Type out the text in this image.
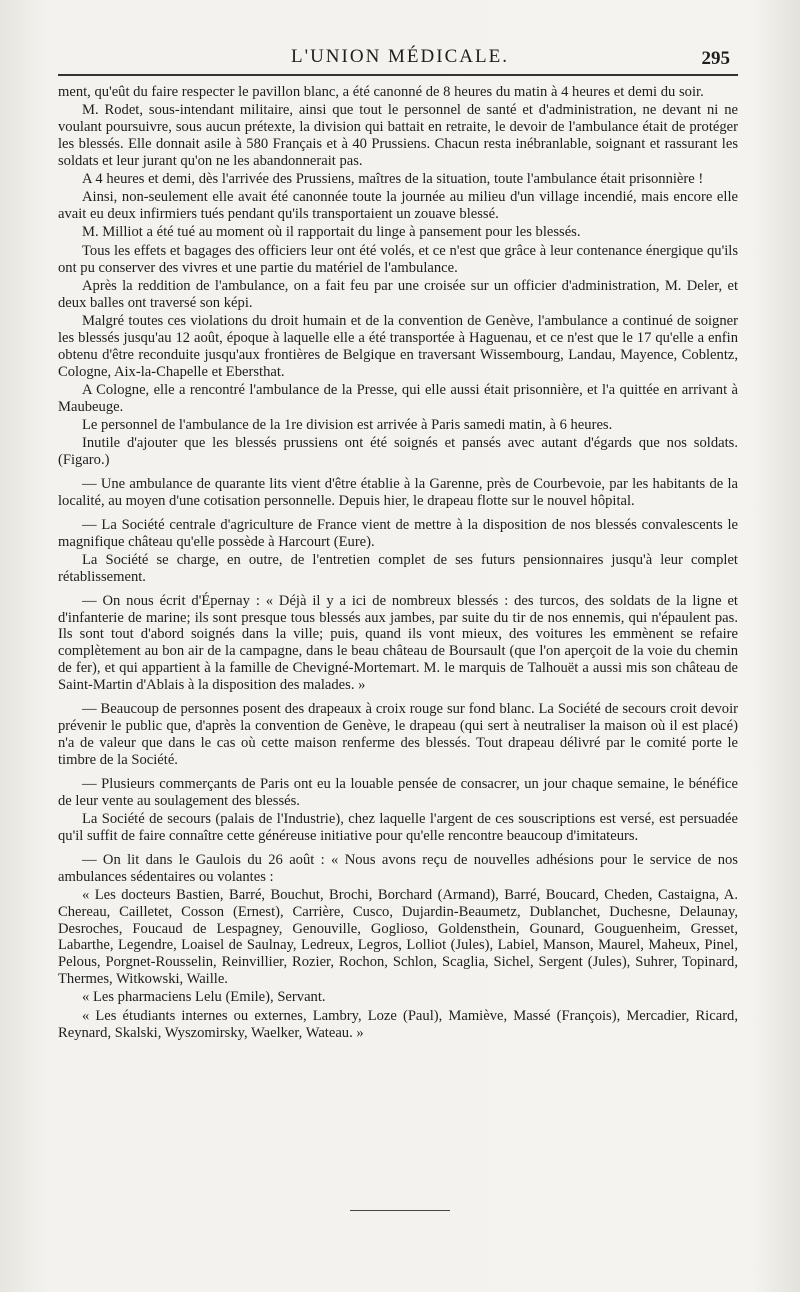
L'UNION MÉDICALE.	295

ment, qu'eût du faire respecter le pavillon blanc, a été canonné de 8 heures du matin à 4 heures et demi du soir.

M. Rodet, sous-intendant militaire, ainsi que tout le personnel de santé et d'administration, ne devant ni ne voulant poursuivre, sous aucun prétexte, la division qui battait en retraite, le devoir de l'ambulance était de protéger les blessés. Elle donnait asile à 580 Français et à 40 Prussiens. Chacun resta inébranlable, soignant et rassurant les soldats et leur jurant qu'on ne les abandonnerait pas.

A 4 heures et demi, dès l'arrivée des Prussiens, maîtres de la situation, toute l'ambulance était prisonnière !

Ainsi, non-seulement elle avait été canonnée toute la journée au milieu d'un village incendié, mais encore elle avait eu deux infirmiers tués pendant qu'ils transportaient un zouave blessé.

M. Milliot a été tué au moment où il rapportait du linge à pansement pour les blessés.

Tous les effets et bagages des officiers leur ont été volés, et ce n'est que grâce à leur contenance énergique qu'ils ont pu conserver des vivres et une partie du matériel de l'ambulance.

Après la reddition de l'ambulance, on a fait feu par une croisée sur un officier d'administration, M. Deler, et deux balles ont traversé son képi.

Malgré toutes ces violations du droit humain et de la convention de Genève, l'ambulance a continué de soigner les blessés jusqu'au 12 août, époque à laquelle elle a été transportée à Haguenau, et ce n'est que le 17 qu'elle a enfin obtenu d'être reconduite jusqu'aux frontières de Belgique en traversant Wissembourg, Landau, Mayence, Coblentz, Cologne, Aix-la-Chapelle et Ebersthat.

A Cologne, elle a rencontré l'ambulance de la Presse, qui elle aussi était prisonnière, et l'a quittée en arrivant à Maubeuge.

Le personnel de l'ambulance de la 1re division est arrivée à Paris samedi matin, à 6 heures.

Inutile d'ajouter que les blessés prussiens ont été soignés et pansés avec autant d'égards que nos soldats. (Figaro.)

— Une ambulance de quarante lits vient d'être établie à la Garenne, près de Courbevoie, par les habitants de la localité, au moyen d'une cotisation personnelle. Depuis hier, le drapeau flotte sur le nouvel hôpital.

— La Société centrale d'agriculture de France vient de mettre à la disposition de nos blessés convalescents le magnifique château qu'elle possède à Harcourt (Eure).

La Société se charge, en outre, de l'entretien complet de ses futurs pensionnaires jusqu'à leur complet rétablissement.

— On nous écrit d'Épernay : « Déjà il y a ici de nombreux blessés : des turcos, des soldats de la ligne et d'infanterie de marine; ils sont presque tous blessés aux jambes, par suite du tir de nos ennemis, qui n'épaulent pas. Ils sont tout d'abord soignés dans la ville; puis, quand ils vont mieux, des voitures les emmènent se refaire complètement au bon air de la campagne, dans le beau château de Boursault (que l'on aperçoit de la voie du chemin de fer), et qui appartient à la famille de Chevigné-Mortemart. M. le marquis de Talhouët a aussi mis son château de Saint-Martin d'Ablais à la disposition des malades. »

— Beaucoup de personnes posent des drapeaux à croix rouge sur fond blanc. La Société de secours croit devoir prévenir le public que, d'après la convention de Genève, le drapeau (qui sert à neutraliser la maison où il est placé) n'a de valeur que dans le cas où cette maison renferme des blessés. Tout drapeau délivré par le comité porte le timbre de la Société.

— Plusieurs commerçants de Paris ont eu la louable pensée de consacrer, un jour chaque semaine, le bénéfice de leur vente au soulagement des blessés.

La Société de secours (palais de l'Industrie), chez laquelle l'argent de ces souscriptions est versé, est persuadée qu'il suffit de faire connaître cette généreuse initiative pour qu'elle rencontre beaucoup d'imitateurs.

— On lit dans le Gaulois du 26 août : « Nous avons reçu de nouvelles adhésions pour le service de nos ambulances sédentaires ou volantes :

« Les docteurs Bastien, Barré, Bouchut, Brochi, Borchard (Armand), Barré, Boucard, Cheden, Castaigna, A. Chereau, Cailletet, Cosson (Ernest), Carrière, Cusco, Dujardin-Beaumetz, Dublanchet, Duchesne, Delaunay, Desroches, Foucaud de Lespagney, Genouville, Goglioso, Goldensthein, Gounard, Gouguenheim, Gresset, Labarthe, Legendre, Loaisel de Saulnay, Ledreux, Legros, Lolliot (Jules), Labiel, Manson, Maurel, Maheux, Pinel, Pelous, Porgnet-Rousselin, Reinvillier, Rozier, Rochon, Schlon, Scaglia, Sichel, Sergent (Jules), Suhrer, Topinard, Thermes, Witkowski, Waille.

« Les pharmaciens Lelu (Emile), Servant.

« Les étudiants internes ou externes, Lambry, Loze (Paul), Mamiève, Massé (François), Mercadier, Ricard, Reynard, Skalski, Wyszomirsky, Waelker, Wateau. »
